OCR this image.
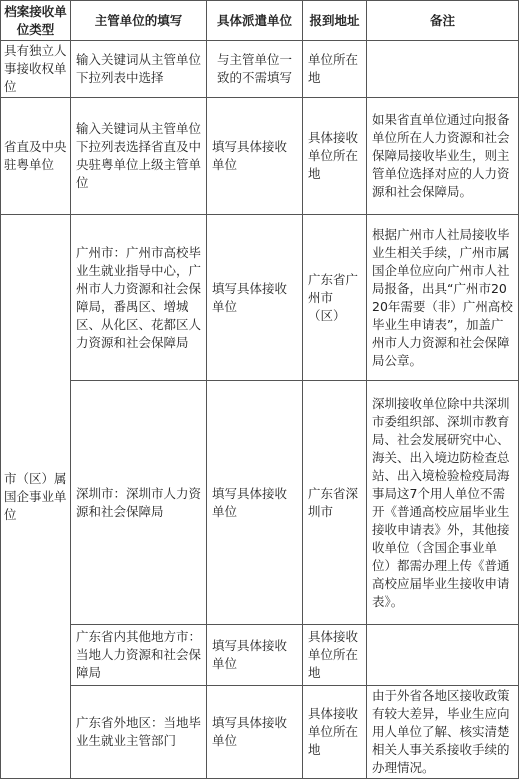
档案接收单位类型	主管单位的填写	具体派遣单位	报到地址	备注
具有独立人事接收权单位	输入关键词从主管单位下拉列表中选择	与主管单位一致的不需填写	单位所在地	
省直及中央驻粤单位	输入关键词从主管单位下拉列表选择省直及中央驻粤单位上级主管单位	填写具体接收单位	具体接收单位所在地	如果省直单位通过向报备单位所在人力资源和社会保障局接收毕业生，则主管单位选择对应的人力资源和社会保障局。
市（区）属国企事业单位	广州市：广州市高校毕业生就业指导中心，广州市人力资源和社会保障局，番禺区、增城区、从化区、花都区人力资源和社会保障局	填写具体接收单位	广东省广州市（区）	根据广州市人社局接收毕业生相关手续，广州市属国企单位应向广州市人社局报备，出具“广州市2020年需要（非）广州高校毕业生申请表”，加盖广州市人力资源和社会保障局公章。
	深圳市：深圳市人力资源和社会保障局	填写具体接收单位	广东省深圳市	深圳接收单位除中共深圳市委组织部、深圳市教育局、社会发展研究中心、海关、出入境边防检查总站、出入境检验检疫局海事局这7个用人单位不需开《普通高校应届毕业生接收申请表》外，其他接收单位（含国企事业单位）都需办理上传《普通高校应届毕业生接收申请表》。
	广东省内其他地方市：当地人力资源和社会保障局	填写具体接收单位	具体接收单位所在地	
	广东省外地区：当地毕业生就业主管部门	填写具体接收单位	具体接收单位所在地	由于外省各地区接收政策有较大差异，毕业生应向用人单位了解、核实清楚相关人事关系接收手续的办理情况。
